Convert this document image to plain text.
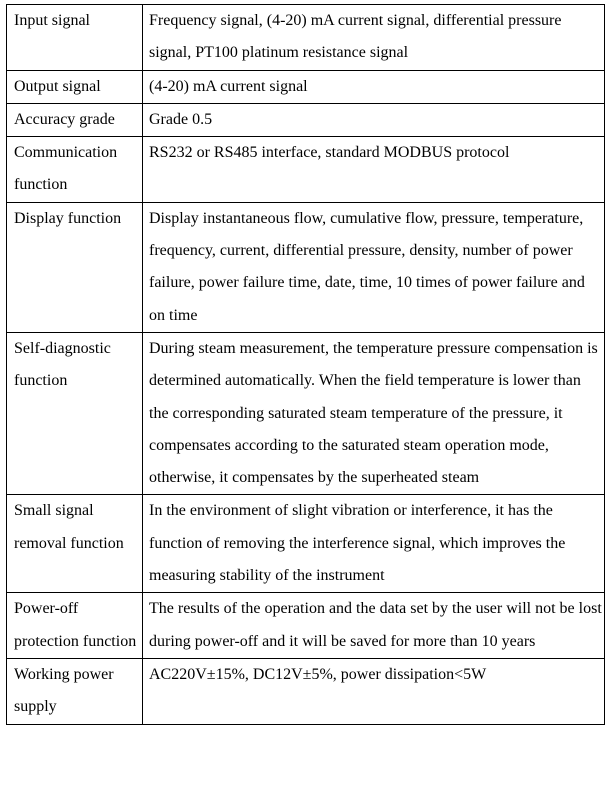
Input signal	Frequency signal, (4-20) mA current signal, differential pressure signal, PT100 platinum resistance signal
Output signal	(4-20) mA current signal
Accuracy grade	Grade 0.5
Communication function	RS232 or RS485 interface, standard MODBUS protocol
Display function	Display instantaneous flow, cumulative flow, pressure, temperature, frequency, current, differential pressure, density, number of power failure, power failure time, date, time, 10 times of power failure and on time
Self-diagnostic function	During steam measurement, the temperature pressure compensation is determined automatically. When the field temperature is lower than the corresponding saturated steam temperature of the pressure, it compensates according to the saturated steam operation mode, otherwise, it compensates by the superheated steam
Small signal removal function	In the environment of slight vibration or interference, it has the function of removing the interference signal, which improves the measuring stability of the instrument
Power-off protection function	The results of the operation and the data set by the user will not be lost during power-off and it will be saved for more than 10 years
Working power supply	AC220V±15%, DC12V±5%, power dissipation<5W
